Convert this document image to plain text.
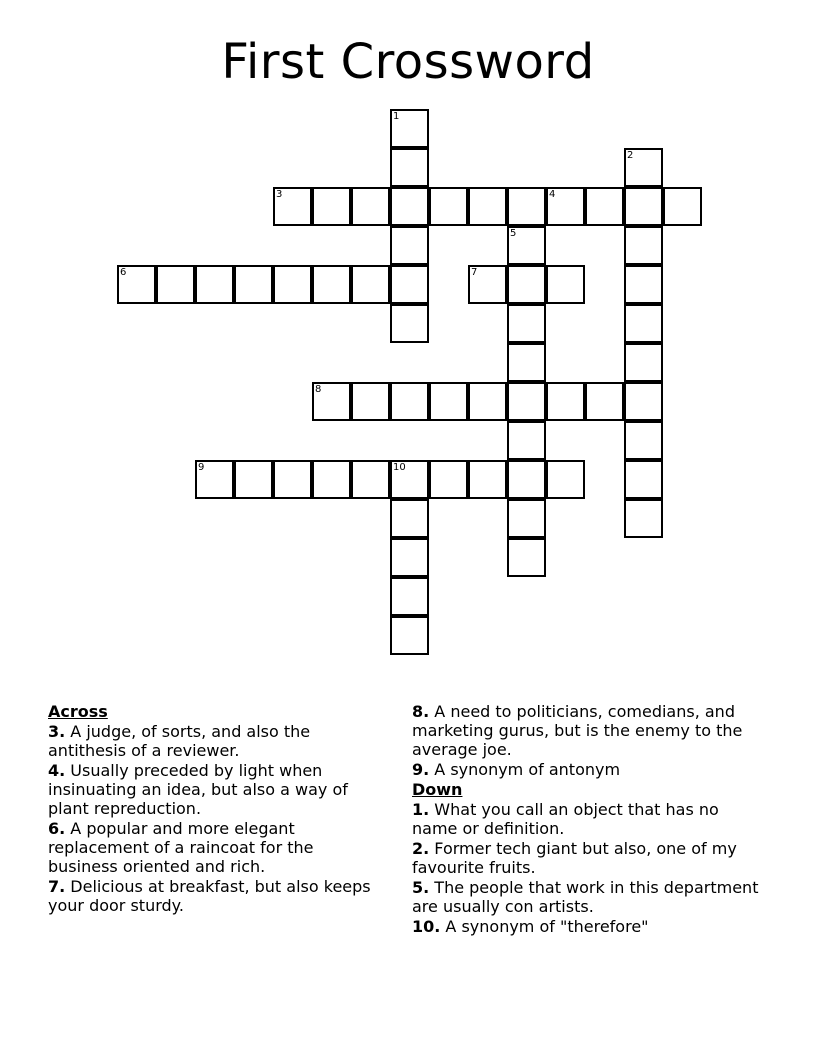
First Crossword
1
2
3	4
5
6	7
8
9	10
Across
3. A judge, of sorts, and also the antithesis of a reviewer.
4. Usually preceded by light when insinuating an idea, but also a way of plant repreduction.
6. A popular and more elegant replacement of a raincoat for the business oriented and rich.
7. Delicious at breakfast, but also keeps your door sturdy.
8. A need to politicians, comedians, and marketing gurus, but is the enemy to the average joe.
9. A synonym of antonym
Down
1. What you call an object that has no name or definition.
2. Former tech giant but also, one of my favourite fruits.
5. The people that work in this department are usually con artists.
10. A synonym of "therefore"
